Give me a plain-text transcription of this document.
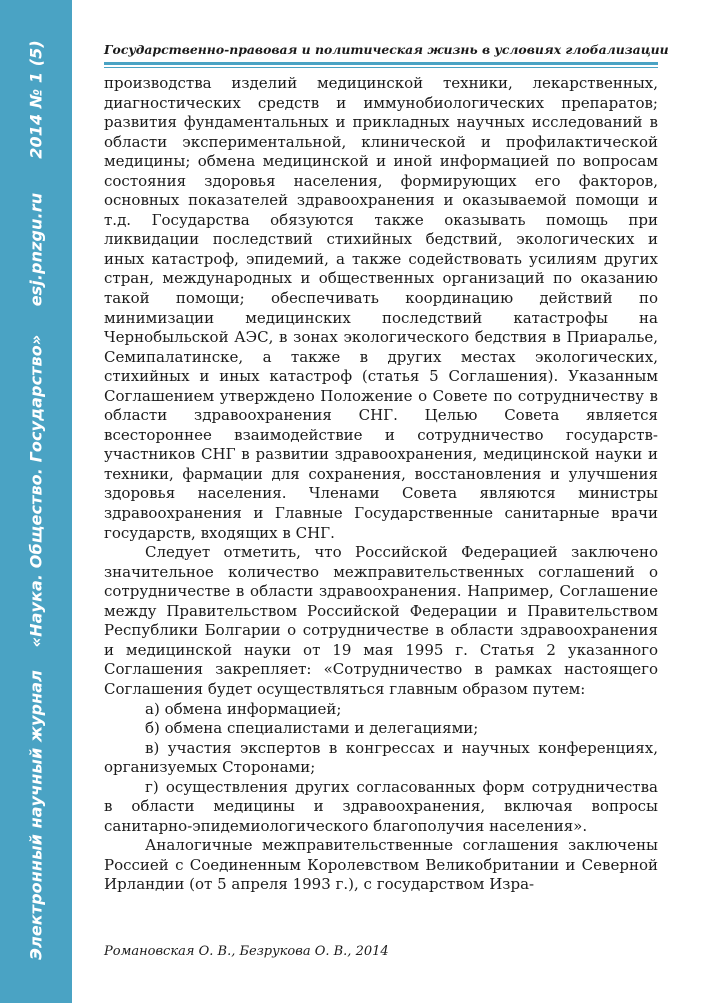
Электронный научный журнал    «Наука. Общество. Государство»     esj.pnzgu.ru      2014 № 1 (5)	Государственно-правовая и политическая жизнь в условиях глобализации

производства изделий медицинской техники, лекарственных, диагностических средств и иммунобиологических препаратов; развития фундаментальных и прикладных научных исследований в области экспериментальной, клинической и профилактической медицины; обмена медицинской и иной информацией по вопросам состояния здоровья населения, формирующих его факторов, основных показателей здравоохранения и оказываемой помощи и т.д. Государства обязуются также оказывать помощь при ликвидации последствий стихийных бедствий, экологических и иных катастроф, эпидемий, а также содействовать усилиям других стран, международных и общественных организаций по оказанию такой помощи; обеспечивать координацию действий по минимизации медицинских последствий катастрофы на Чернобыльской АЭС, в зонах экологического бедствия в Приаралье, Семипалатинске, а также в других местах экологических, стихийных и иных катастроф (статья 5 Соглашения). Указанным Соглашением утверждено Положение о Совете по сотрудничеству в области здравоохранения СНГ. Целью Совета является всестороннее взаимодействие и сотрудничество государств-участников СНГ в развитии здравоохранения, медицинской науки и техники, фармации для сохранения, восстановления и улучшения здоровья населения. Членами Совета являются министры здравоохранения и Главные Государственные санитарные врачи государств, входящих в СНГ.

Следует отметить, что Российской Федерацией заключено значительное количество межправительственных соглашений о сотрудничестве в области здравоохранения. Например, Соглашение между Правительством Российской Федерации и Правительством Республики Болгарии о сотрудничестве в области здравоохранения и медицинской науки от 19 мая 1995 г. Статья 2 указанного Соглашения закрепляет: «Сотрудничество в рамках настоящего Соглашения будет осуществляться главным образом путем:

а) обмена информацией;

б) обмена специалистами и делегациями;

в) участия экспертов в конгрессах и научных конференциях, организуемых Сторонами;

г) осуществления других согласованных форм сотрудничества в области медицины и здравоохранения, включая вопросы санитарно-эпидемиологического благополучия населения».

Аналогичные межправительственные соглашения заключены Россией с Соединенным Королевством Великобритании и Северной Ирландии (от 5 апреля 1993 г.), с государством Изра-

Романовская О. В., Безрукова О. В., 2014
